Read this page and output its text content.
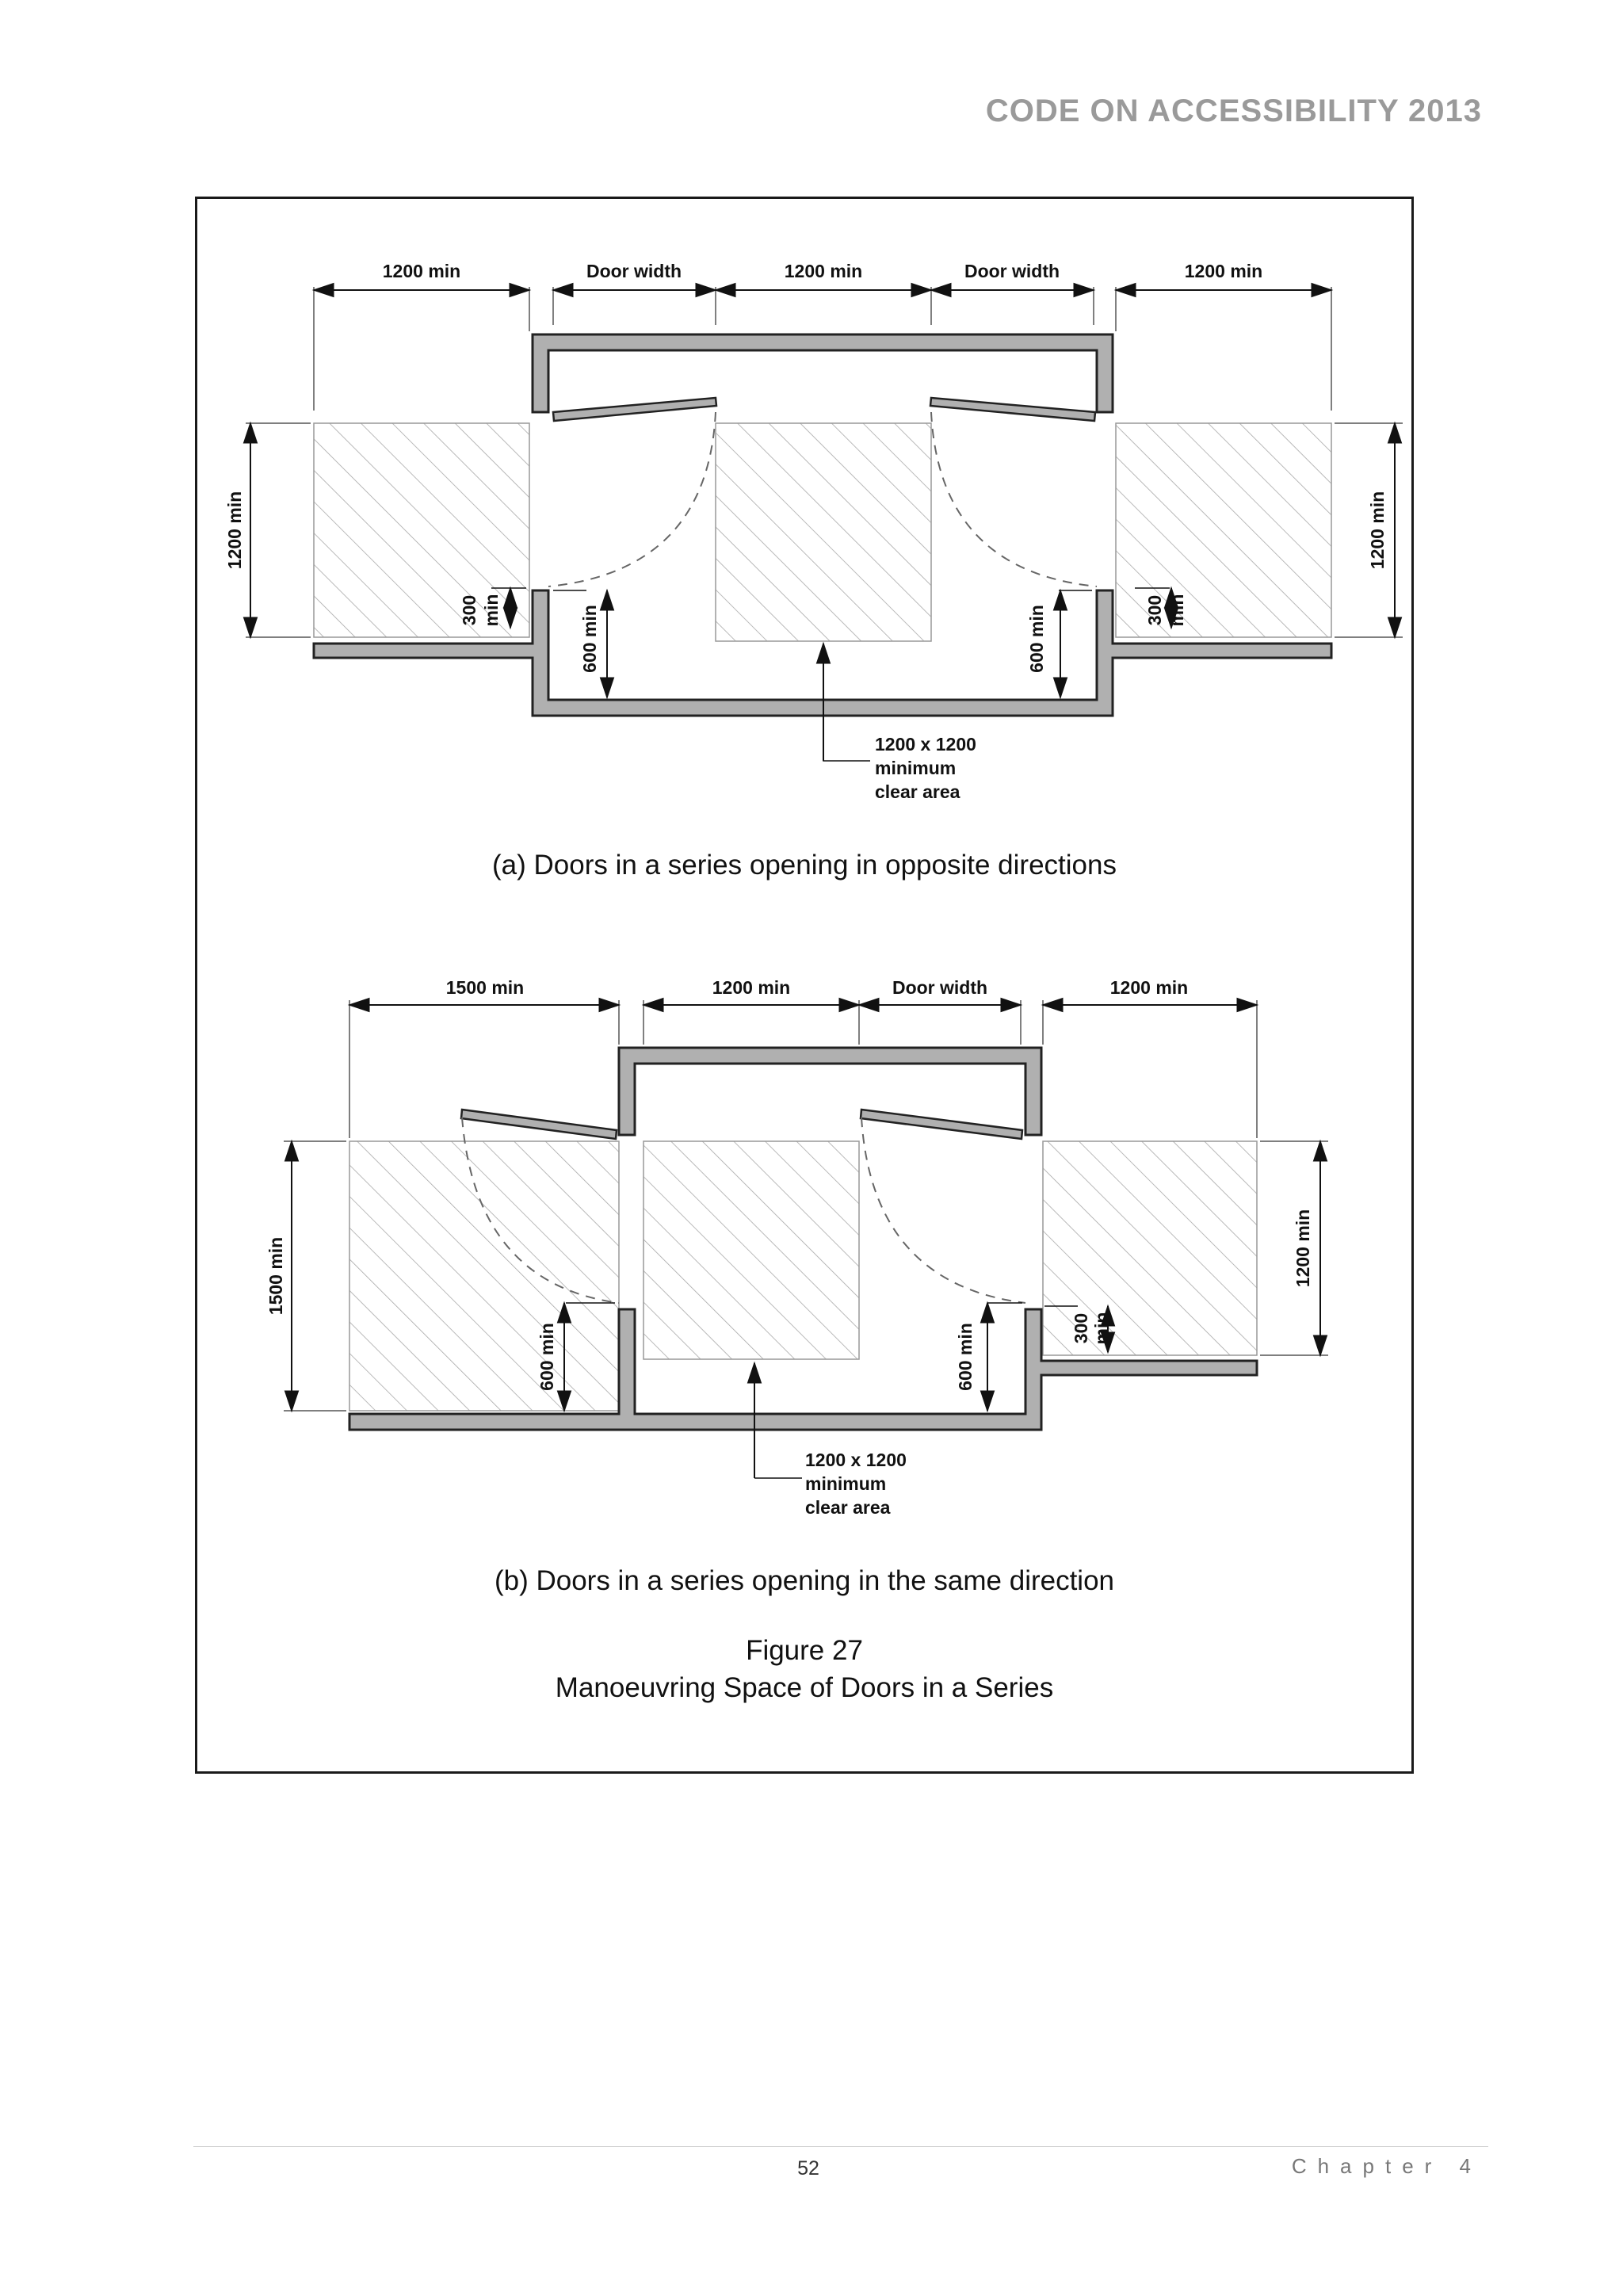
CODE ON ACCESSIBILITY 2013
1200 min	Door width	1200 min	Door width	1200 min
1200 min	1200 min
300 min	300 min
600 min	600 min
1200 x 1200
minimum
clear area
1500 min	1200 min	Door width	1200 min
1500 min	1200 min
300 min
600 min	600 min
1200 x 1200
minimum
clear area
(a) Doors in a series opening in opposite directions
(b) Doors in a series opening in the same direction
Figure 27
Manoeuvring Space of Doors in a Series
52	Chapter 4
